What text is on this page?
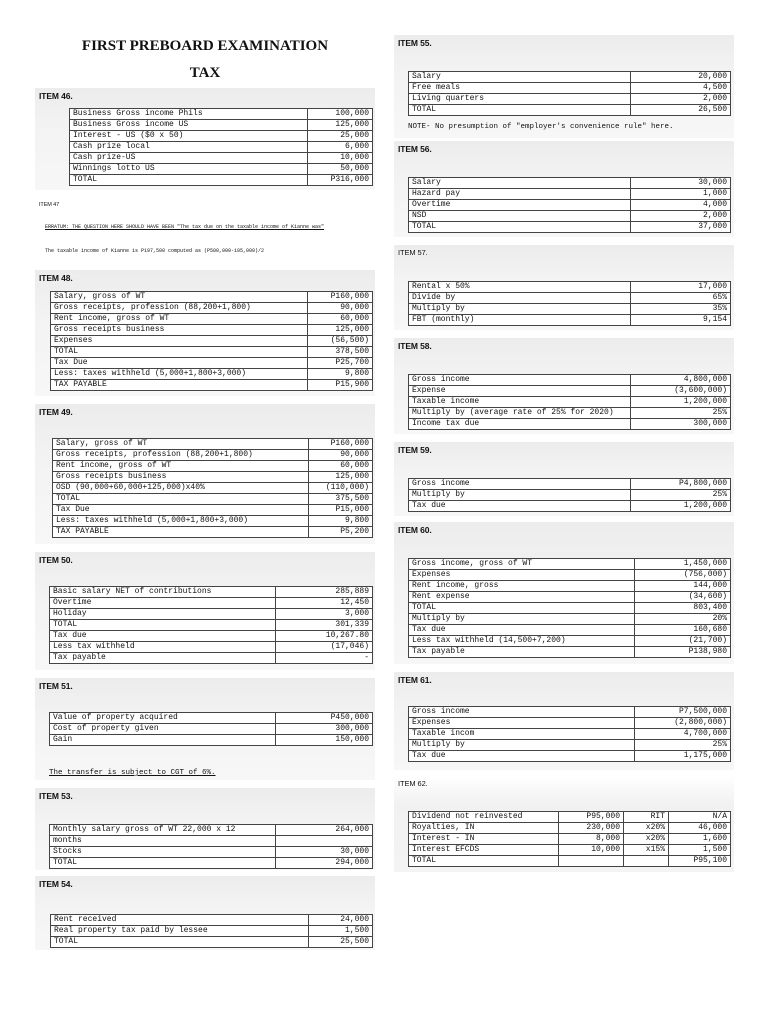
FIRST PREBOARD EXAMINATION
TAX
ITEM 46.
Business Gross income Phils	100,000
Business Gross income US	125,000
Interest - US ($0 x 50)	25,000
Cash prize local	6,000
Cash prize-US	10,000
Winnings lotto US	50,000
TOTAL	P316,000
ITEM 47
ERRATUM: THE QUESTION HERE SHOULD HAVE BEEN "The tax due on the taxable income of Kianne was"
The taxable income of Kianne is P197,500 computed as (P500,000-105,000)/2
ITEM 48.
Salary, gross of WT	P160,000
Gross receipts, profession (88,200+1,800)	90,000
Rent income, gross of WT	60,000
Gross receipts business	125,000
Expenses	(56,500)
TOTAL	378,500
Tax Due	P25,700
Less: taxes withheld (5,000+1,800+3,000)	9,800
TAX PAYABLE	P15,900
ITEM 49.
Salary, gross of WT	P160,000
Gross receipts, profession (88,200+1,800)	90,000
Rent income, gross of WT	60,000
Gross receipts business	125,000
OSD (90,000+60,000+125,000)x40%	(110,000)
TOTAL	375,500
Tax Due	P15,000
Less: taxes withheld (5,000+1,800+3,000)	9,800
TAX PAYABLE	P5,200
ITEM 50.
Basic salary NET of contributions	285,889
Overtime	12,450
Holiday	3,000
TOTAL	301,339
Tax due	10,267.80
Less tax withheld	(17,046)
Tax payable	-
ITEM 51.
Value of property acquired	P450,000
Cost of property given	300,000
Gain	150,000
The transfer is subject to CGT of 6%.
ITEM 53.
Monthly salary gross of WT 22,000 x 12	264,000
months	
Stocks	30,000
TOTAL	294,000
ITEM 54.
Rent received	24,000
Real property tax paid by lessee	1,500
TOTAL	25,500
ITEM 55.
Salary	20,000
Free meals	4,500
Living quarters	2,000
TOTAL	26,500
NOTE- No presumption of "employer's convenience rule" here.
ITEM 56.
Salary	30,000
Hazard pay	1,000
Overtime	4,000
NSD	2,000
TOTAL	37,000
ITEM 57.
Rental x 50%	17,000
Divide by	65%
Multiply by	35%
FBT (monthly)	9,154
ITEM 58.
Gross income	4,800,000
Expense	(3,600,000)
Taxable income	1,200,000
Multiply by (average rate of 25% for 2020)	25%
Income tax due	300,000
ITEM 59.
Gross income	P4,800,000
Multiply by	25%
Tax due	1,200,000
ITEM 60.
Gross income, gross of WT	1,450,000
Expenses	(756,000)
Rent income, gross	144,000
Rent expense	(34,600)
TOTAL	803,400
Multiply by	20%
Tax due	160,680
Less tax withheld (14,500+7,200)	(21,700)
Tax payable	P138,980
ITEM 61.
Gross income	P7,500,000
Expenses	(2,800,000)
Taxable incom	4,700,000
Multiply by	25%
Tax due	1,175,000
ITEM 62.
Dividend not reinvested	P95,000	RIT	N/A
Royalties, IN	230,000	x20%	46,000
Interest - IN	8,000	x20%	1,600
Interest EFCDS	10,000	x15%	1,500
TOTAL			P95,100
